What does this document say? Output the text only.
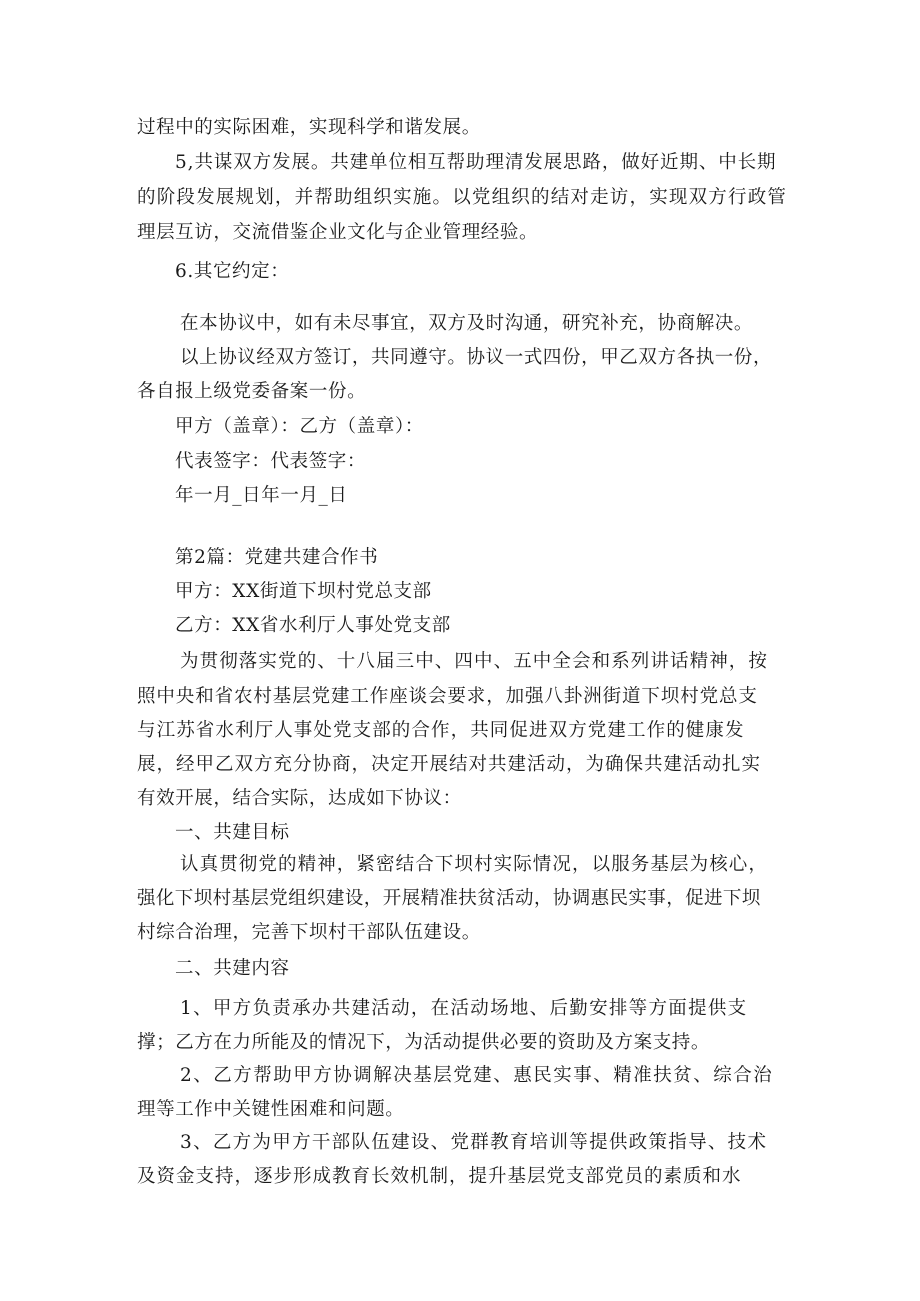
过程中的实际困难，实现科学和谐发展。
5,共谋双方发展。共建单位相互帮助理清发展思路，做好近期、中长期
的阶段发展规划，并帮助组织实施。以党组织的结对走访，实现双方行政管
理层互访，交流借鉴企业文化与企业管理经验。
6.其它约定：
在本协议中，如有未尽事宜，双方及时沟通，研究补充，协商解决。
以上协议经双方签订，共同遵守。协议一式四份，甲乙双方各执一份，
各自报上级党委备案一份。
甲方（盖章）：乙方（盖章）：
代表签字：代表签字：
年一月_日年一月_日
第2篇：党建共建合作书
甲方：XX街道下坝村党总支部
乙方：XX省水利厅人事处党支部
为贯彻落实党的、十八届三中、四中、五中全会和系列讲话精神，按
照中央和省农村基层党建工作座谈会要求，加强八卦洲街道下坝村党总支
与江苏省水利厅人事处党支部的合作，共同促进双方党建工作的健康发
展，经甲乙双方充分协商，决定开展结对共建活动，为确保共建活动扎实
有效开展，结合实际，达成如下协议：
一、共建目标
认真贯彻党的精神，紧密结合下坝村实际情况，以服务基层为核心，
强化下坝村基层党组织建设，开展精准扶贫活动，协调惠民实事，促进下坝
村综合治理，完善下坝村干部队伍建设。
二、共建内容
1、甲方负责承办共建活动，在活动场地、后勤安排等方面提供支
撑；乙方在力所能及的情况下，为活动提供必要的资助及方案支持。
2、乙方帮助甲方协调解决基层党建、惠民实事、精准扶贫、综合治
理等工作中关键性困难和问题。
3、乙方为甲方干部队伍建设、党群教育培训等提供政策指导、技术
及资金支持，逐步形成教育长效机制，提升基层党支部党员的素质和水
